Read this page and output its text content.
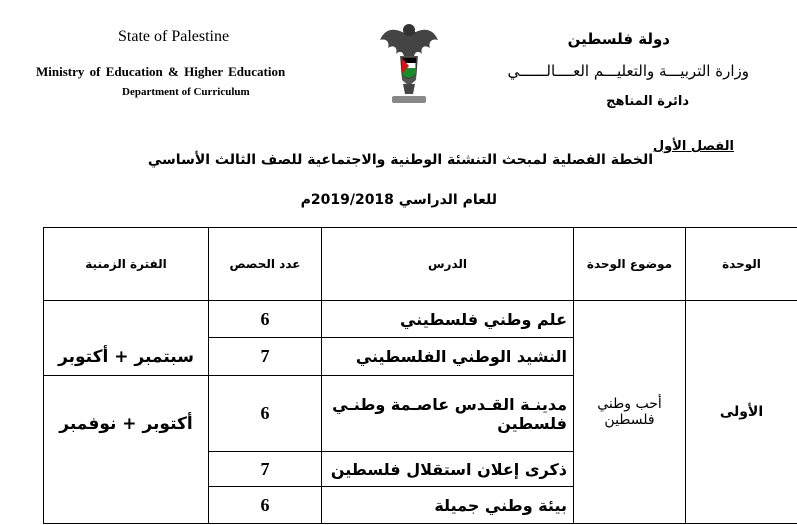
State of Palestine
Ministry of Education & Higher Education
Department of Curriculum
دولة فلسطين
وزارة التربيـــة والتعليـــم العــــالــــــي
دائرة المناهج
الخطة الفصلية لمبحث التنشئة الوطنية والاجتماعية للصف الثالث الأساسي
الفصل الأول
للعام الدراسي 2019/2018م
الوحدة	موضوع الوحدة	الدرس	عدد الحصص	الفترة الزمنية
الأولى	أحب وطني فلسطين	علم وطني فلسطيني	6	سبتمبر + أكتوبر
		النشيد الوطني الفلسطيني	7	
		مدينـة القـدس عاصـمة وطنـي فلسطين	6	أكتوبر + نوفمبر
		ذكرى إعلان استقلال فلسطين	7	
		بيئة وطني جميلة	6	
